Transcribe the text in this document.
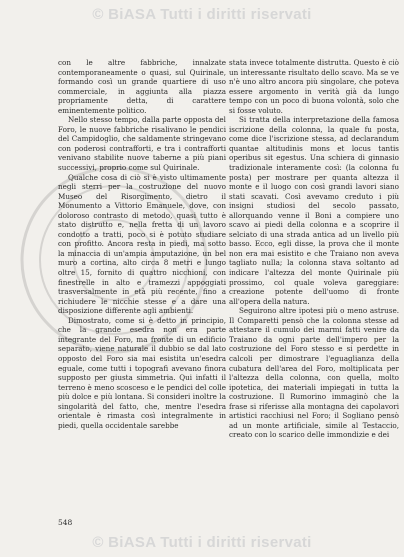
© BiASA Tutti i diritti riservati

con le altre fabbriche, innalzate contemporaneamente o quasi, sul Quirinale, formando così un grande quartiere di uso commerciale, in aggiunta alla piazza propriamente detta, di carattere eminentemente politico.

Nello stesso tempo, dalla parte opposta del Foro, le nuove fabbriche risalivano le pendici del Campidoglio, che saldamente stringevano con poderosi contrafforti, e tra i contrafforti venivano stabilite nuove taberne a più piani successivi, proprio come sul Quirinale.

Qualche cosa di ciò si è visto ultimamente negli sterri per la costruzione del nuovo Museo del Risorgimento, dietro il Monumento a Vittorio Emanuele, dove, con doloroso contrasto di metodo, quasi tutto è stato distrutto e, nella fretta di un lavoro condotto a tratti, poco si è potuto studiare con profitto. Ancora resta in piedi, ma sotto la minaccia di un'ampia amputazione, un bel muro a cortina, alto circa 8 metri e lungo oltre 15, fornito di quattro nicchioni, con finestrelle in alto e tramezzi appoggiati trasversalmente in età più recente, fino a richiudere le nicchie stesse e a dare una disposizione differente agli ambienti.

Dimostrato, come si è detto in principio, che la grande esedra non era parte integrante del Foro, ma fronte di un edificio separato, viene naturale il dubbio se dal lato opposto del Foro sia mai esistita un'esedra eguale, come tutti i topografi avevano finora supposto per giusta simmetria. Qui infatti il terreno è meno scosceso e le pendici del colle più dolce e più lontana. Si consideri inoltre la singolarità del fatto, che, mentre l'esedra orientale è rimasta così integralmente in piedi, quella occidentale sarebbe

stata invece totalmente distrutta. Questo è ciò un interessante risultato dello scavo. Ma se ve n'è uno altro ancora più singolare, che poteva essere argomento in verità già da lungo tempo con un poco di buona volontà, solo che si fosse voluto.

Si tratta della interpretazione della famosa iscrizione della colonna, la quale fu posta, come dice l'iscrizione stessa, ad declarandum quantae altitudinis mons et locus tantis operibus sit egestus. Una schiera di ginnasio tradizionale interamente così: (la colonna fu posta) per mostrare per quanta altezza il monte e il luogo con così grandi lavori siano stati scavati. Così avevamo creduto i più insigni studiosi del secolo passato, allorquando venne il Boni a compiere uno scavo ai piedi della colonna e a scoprire il selciato di una strada antica ad un livello più basso. Ecco, egli disse, la prova che il monte non era mai esistito e che Traiano non aveva tagliato nulla; la colonna stava soltanto ad indicare l'altezza del monte Quirinale più prossimo, col quale voleva gareggiare: creazione potente dell'uomo di fronte all'opera della natura.

Seguirono altre ipotesi più o meno astruse. Il Comparetti pensò che la colonna stesse ad attestare il cumulo dei marmi fatti venire da Traiano da ogni parte dell'impero per la costruzione del Foro stesso e si perdette in calcoli per dimostrare l'eguaglianza della cubatura dell'area del Foro, moltiplicata per l'altezza della colonna, con quella, molto ipotetica, dei materiali impiegati in tutta la costruzione. Il Rumorino immaginò che la frase si riferisse alla montagna dei capolavori artistici racchiusi nel Foro; il Sogliano pensò ad un monte artificiale, simile al Testaccio, creato con lo scarico delle immondizie e dei

548
© BiASA Tutti i diritti riservati
